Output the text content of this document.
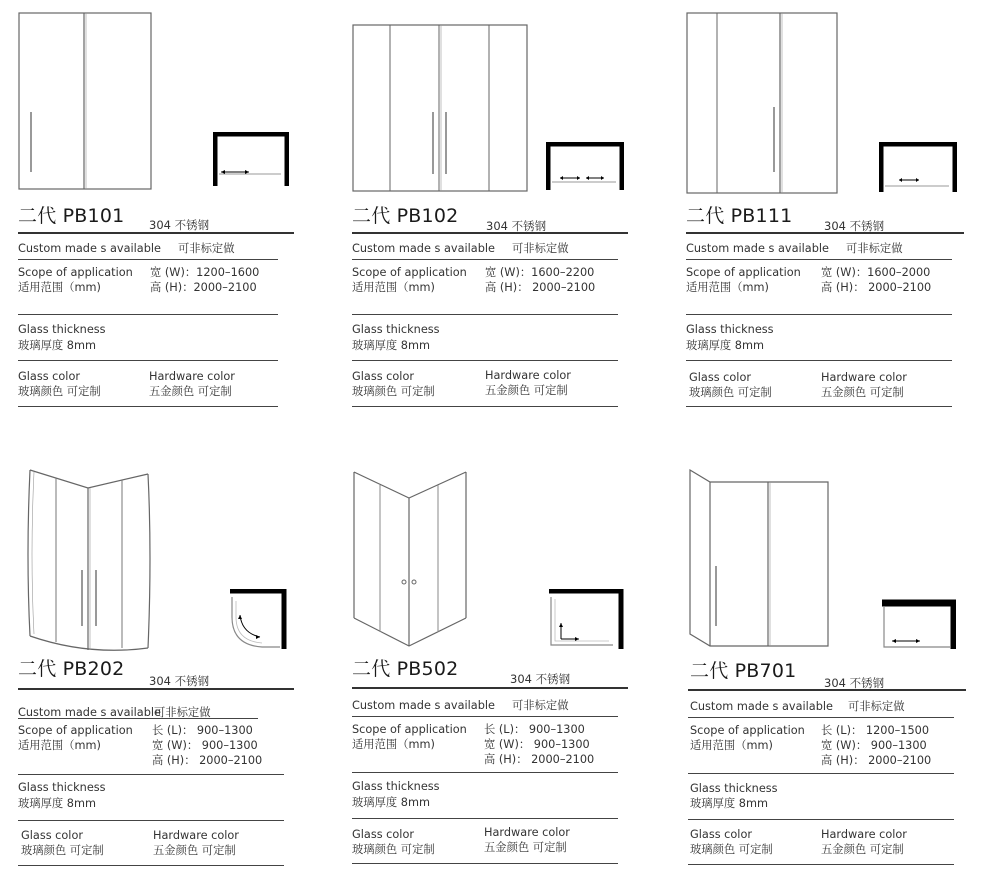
二代 PB101 304 不锈钢
Custom made s available 可非标定做
Scope of application
适用范围（mm)
宽 (W)：1200–1600
高 (H)：2000–2100
Glass thickness
玻璃厚度 8mm
Glass color
玻璃颜色 可定制
Hardware color
五金颜色 可定制
二代 PB102 304 不锈钢
Custom made s available 可非标定做
Scope of application
适用范围（mm)
宽 (W)：1600–2200
高 (H)： 2000–2100
Glass thickness
玻璃厚度 8mm
Glass color
玻璃颜色 可定制
Hardware color
五金颜色 可定制
二代 PB111	304 不锈钢
Custom made s available 可非标定做
Scope of application
适用范围（mm)
宽 (W)：1600–2000
高 (H)： 2000–2100
Glass thickness
玻璃厚度 8mm
Glass color
玻璃颜色 可定制
Hardware color
五金颜色 可定制
二代 PB202
304 不锈钢
Custom made s available
可非标定做
Scope of application
适用范围（mm)
长 (L)： 900–1300
宽 (W)： 900–1300
高 (H)： 2000–2100
Glass thickness
玻璃厚度 8mm
Glass color
玻璃颜色 可定制
Hardware color
五金颜色 可定制
二代 PB502	304 不锈钢
Custom made s available 可非标定做
Scope of application
适用范围（mm)
长 (L)： 900–1300
宽 (W)： 900–1300
高 (H)： 2000–2100
Glass thickness
玻璃厚度 8mm
Glass color
玻璃颜色 可定制
Hardware color
五金颜色 可定制
二代 PB701
304 不锈钢
Custom made s available 可非标定做
Scope of application
适用范围（mm)
长 (L)： 1200–1500
宽 (W)： 900–1300
高 (H)： 2000–2100
Glass thickness
玻璃厚度 8mm
Glass color
玻璃颜色 可定制
Hardware color
五金颜色 可定制
